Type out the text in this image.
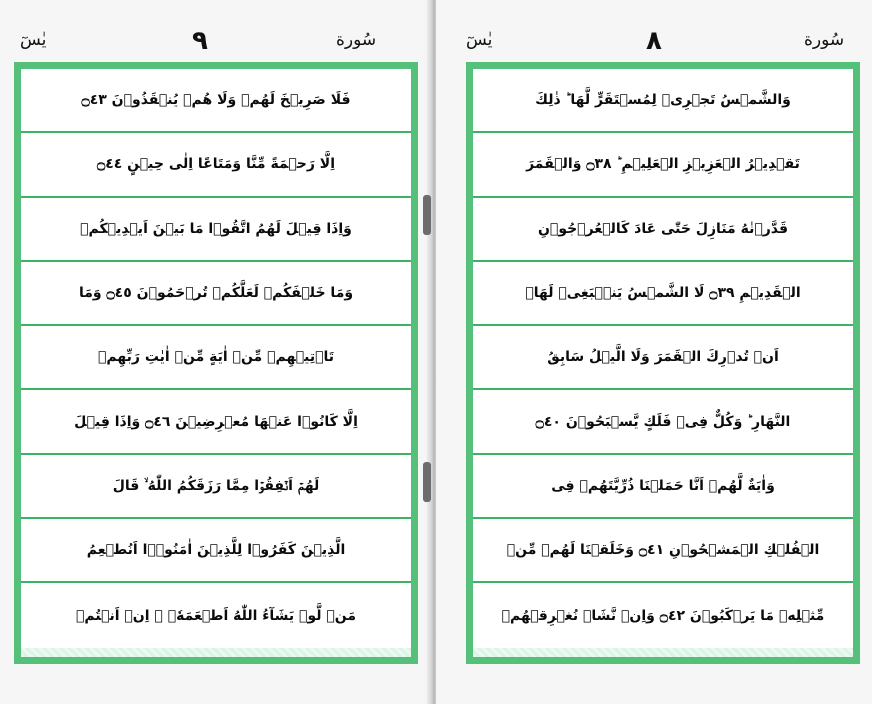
يٰسٓ	٩	سُورة
فَلَا صَرِيۡخَ لَهُمۡ وَلَا هُمۡ يُنۡقَذُوۡنَ ۝٤٣
اِلَّا رَحۡمَةً مِّنَّا وَمَتَاعًا اِلٰى حِيۡنٍ ۝٤٤
وَاِذَا قِيۡلَ لَهُمُ اتَّقُوۡا مَا بَيۡنَ اَيۡدِيۡكُمۡ
وَمَا خَلۡفَكُمۡ لَعَلَّكُمۡ تُرۡحَمُوۡنَ ۝٤٥ وَمَا
تَاۡتِيۡهِمۡ مِّنۡ اٰيَةٍ مِّنۡ اٰيٰتِ رَبِّهِمۡ
اِلَّا كَانُوۡا عَنۡهَا مُعۡرِضِيۡنَ ۝٤٦ وَاِذَا قِيۡلَ
لَهُمۡ اَنۡفِقُوۡا مِمَّا رَزَقَكُمُ اللّٰهُ ۙ قَالَ
الَّذِيۡنَ كَفَرُوۡا لِلَّذِيۡنَ اٰمَنُوۡۤا اَنُطۡعِمُ
مَنۡ لَّوۡ يَشَآءُ اللّٰهُ اَطۡعَمَهٗۤ ۖ اِنۡ اَنۡتُمۡ
يٰسٓ	٨	سُورة
وَالشَّمۡسُ تَجۡرِىۡ لِمُسۡتَقَرٍّ لَّهَا ؕ ذٰلِكَ
تَقۡدِيۡرُ الۡعَزِيۡزِ الۡعَلِيۡمِ ؕ ۝٣٨ وَالۡقَمَرَ
قَدَّرۡنٰهُ مَنَازِلَ حَتّٰى عَادَ كَالۡعُرۡجُوۡنِ
الۡقَدِيۡمِ ۝٣٩ لَا الشَّمۡسُ يَنۡۢبَغِىۡ لَهَاۤ
اَنۡ تُدۡرِكَ الۡقَمَرَ وَلَا الَّيۡلُ سَابِقُ
النَّهَارِ ؕ وَكُلٌّ فِىۡ فَلَكٍ يَّسۡبَحُوۡنَ ۝٤٠
وَاٰيَةٌ لَّهُمۡ اَنَّا حَمَلۡنَا ذُرِّيَّتَهُمۡ فِى
الۡفُلۡكِ الۡمَشۡحُوۡنِ ۝٤١ وَخَلَقۡنَا لَهُمۡ مِّنۡ
مِّثۡلِهٖ مَا يَرۡكَبُوۡنَ ۝٤٢ وَاِنۡ نَّشَاۡ نُغۡرِقۡهُمۡ
